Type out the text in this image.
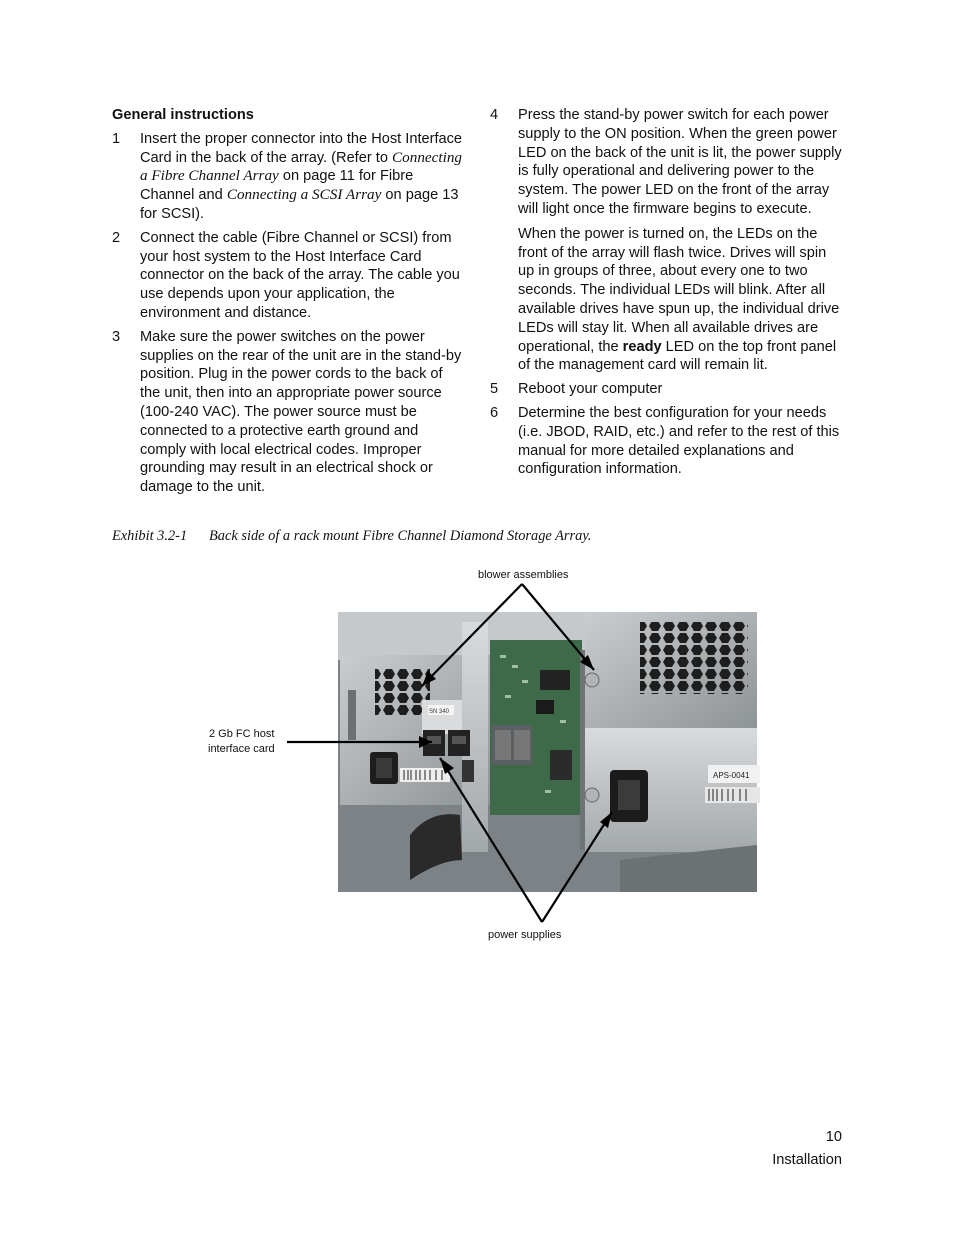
General instructions
1 Insert the proper connector into the Host Interface Card in the back of the array. (Refer to Connecting a Fibre Channel Array on page 11 for Fibre Channel and Connecting a SCSI Array on page 13 for SCSI).

2 Connect the cable (Fibre Channel or SCSI) from your host system to the Host Interface Card connector on the back of the array. The cable you use depends upon your application, the environment and distance.

3 Make sure the power switches on the power supplies on the rear of the unit are in the stand-by position. Plug in the power cords to the back of the unit, then into an appropriate power source (100-240 VAC). The power source must be connected to a protective earth ground and comply with local electrical codes. Improper grounding may result in an electrical shock or damage to the unit.

4 Press the stand-by power switch for each power supply to the ON position. When the green power LED on the back of the unit is lit, the power supply is fully operational and delivering power to the system. The power LED on the front of the array will light once the firmware begins to execute.

When the power is turned on, the LEDs on the front of the array will flash twice. Drives will spin up in groups of three, about every one to two seconds. The individual LEDs will blink. After all available drives have spun up, the individual drive LEDs will stay lit. When all available drives are operational, the ready LED on the top front panel of the management card will remain lit.

5 Reboot your computer

6 Determine the best configuration for your needs (i.e. JBOD, RAID, etc.) and refer to the rest of this manual for more detailed explanations and configuration information.

Exhibit 3.2-1 Back side of a rack mount Fibre Channel Diamond Storage Array.
SN 340
APS-0041
blower assemblies
2 Gb FC host
interface card
power supplies
10
Installation
